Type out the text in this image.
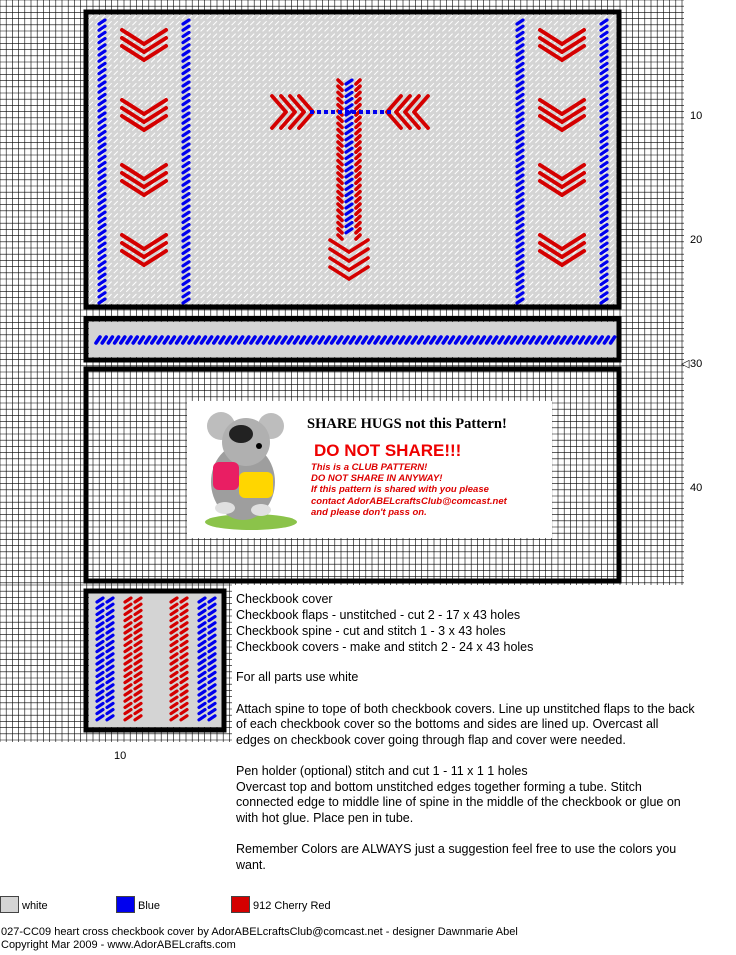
10
20
30
◁
40
10
SHARE HUGS not this Pattern!
DO NOT SHARE!!!
This is a CLUB PATTERN!
DO NOT SHARE IN ANYWAY!
If this pattern is shared with you please
contact AdorABELcraftsClub@comcast.net
and please don't pass on.
Checkbook cover
Checkbook flaps - unstitched - cut 2 - 17 x 43 holes
Checkbook spine - cut and stitch 1 - 3 x 43 holes
Checkbook covers - make and stitch 2 - 24 x 43 holes
For all parts use white
Attach spine to tope of both checkbook covers. Line up unstitched flaps to the back
of each checkbook cover so the bottoms and sides are lined up. Overcast all
edges on checkbook cover going through flap and cover were needed.
Pen holder (optional) stitch and cut 1 - 11 x 1 1 holes
Overcast top and bottom unstitched edges together forming a tube. Stitch
connected edge to middle line of spine in the middle of the checkbook or glue on
with hot glue. Place pen in tube.
Remember Colors are ALWAYS just a suggestion feel free to use the colors you
want.
white	Blue	912 Cherry Red
027-CC09 heart cross checkbook cover by AdorABELcraftsClub@comcast.net - designer Dawnmarie Abel
Copyright Mar 2009 - www.AdorABELcrafts.com
